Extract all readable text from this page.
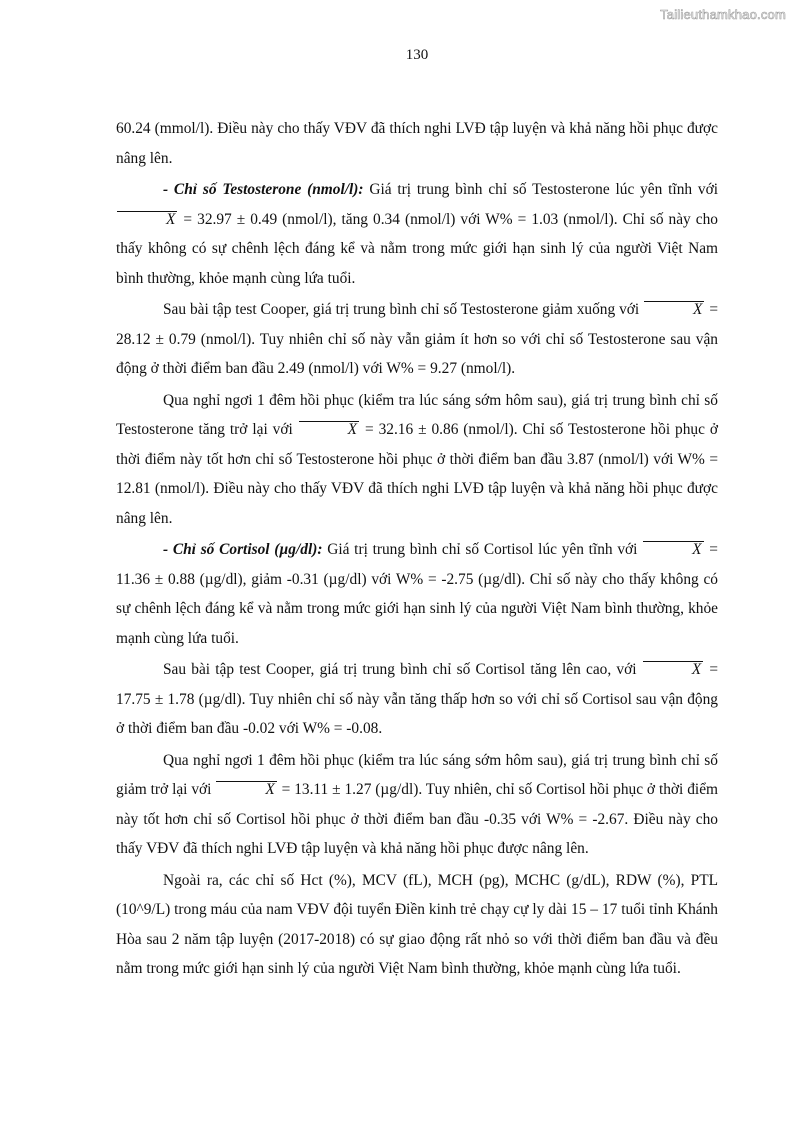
Tailieuthamkhao.com
130

60.24 (mmol/l). Điều này cho thấy VĐV đã thích nghi LVĐ tập luyện và khả năng hồi phục được nâng lên.

- Chỉ số Testosterone (nmol/l): Giá trị trung bình chỉ số Testosterone lúc yên tĩnh với X = 32.97 ± 0.49 (nmol/l), tăng 0.34 (nmol/l) với W% = 1.03 (nmol/l). Chỉ số này cho thấy không có sự chênh lệch đáng kể và nằm trong mức giới hạn sinh lý của người Việt Nam bình thường, khỏe mạnh cùng lứa tuổi.

Sau bài tập test Cooper, giá trị trung bình chỉ số Testosterone giảm xuống với	X = 28.12 ± 0.79 (nmol/l). Tuy nhiên chỉ số này vẫn giảm ít hơn so với chỉ số Testosterone sau vận động ở thời điểm ban đầu 2.49 (nmol/l) với W% = 9.27 (nmol/l).

Qua nghỉ ngơi 1 đêm hồi phục (kiểm tra lúc sáng sớm hôm sau), giá trị trung bình chỉ số Testosterone tăng trở lại với	X = 32.16 ± 0.86 (nmol/l). Chỉ số Testosterone hồi phục ở thời điểm này tốt hơn chỉ số Testosterone hồi phục ở thời điểm ban đầu 3.87 (nmol/l) với W% = 12.81 (nmol/l). Điều này cho thấy VĐV đã thích nghi LVĐ tập luyện và khả năng hồi phục được nâng lên.

- Chỉ số Cortisol (µg/dl): Giá trị trung bình chỉ số Cortisol lúc yên tĩnh với	X = 11.36 ± 0.88 (µg/dl), giảm -0.31 (µg/dl) với W% = -2.75 (µg/dl). Chỉ số này cho thấy không có sự chênh lệch đáng kể và nằm trong mức giới hạn sinh lý của người Việt Nam bình thường, khỏe mạnh cùng lứa tuổi.

Sau bài tập test Cooper, giá trị trung bình chỉ số Cortisol tăng lên cao, với	X = 17.75 ± 1.78 (µg/dl). Tuy nhiên chỉ số này vẫn tăng thấp hơn so với chỉ số Cortisol sau vận động ở thời điểm ban đầu -0.02 với W% = -0.08.

Qua nghỉ ngơi 1 đêm hồi phục (kiểm tra lúc sáng sớm hôm sau), giá trị trung bình chỉ số giảm trở lại với	X = 13.11 ± 1.27 (µg/dl). Tuy nhiên, chỉ số Cortisol hồi phục ở thời điểm này tốt hơn chỉ số Cortisol hồi phục ở thời điểm ban đầu -0.35 với W% = -2.67. Điều này cho thấy VĐV đã thích nghi LVĐ tập luyện và khả năng hồi phục được nâng lên.

Ngoài ra, các chỉ số Hct (%), MCV (fL), MCH (pg), MCHC (g/dL), RDW (%), PTL (10^9/L) trong máu của nam VĐV đội tuyển Điền kinh trẻ chạy cự ly dài 15 – 17 tuổi tỉnh Khánh Hòa sau 2 năm tập luyện (2017-2018) có sự giao động rất nhỏ so với thời điểm ban đầu và đều nằm trong mức giới hạn sinh lý của người Việt Nam bình thường, khỏe mạnh cùng lứa tuổi.
